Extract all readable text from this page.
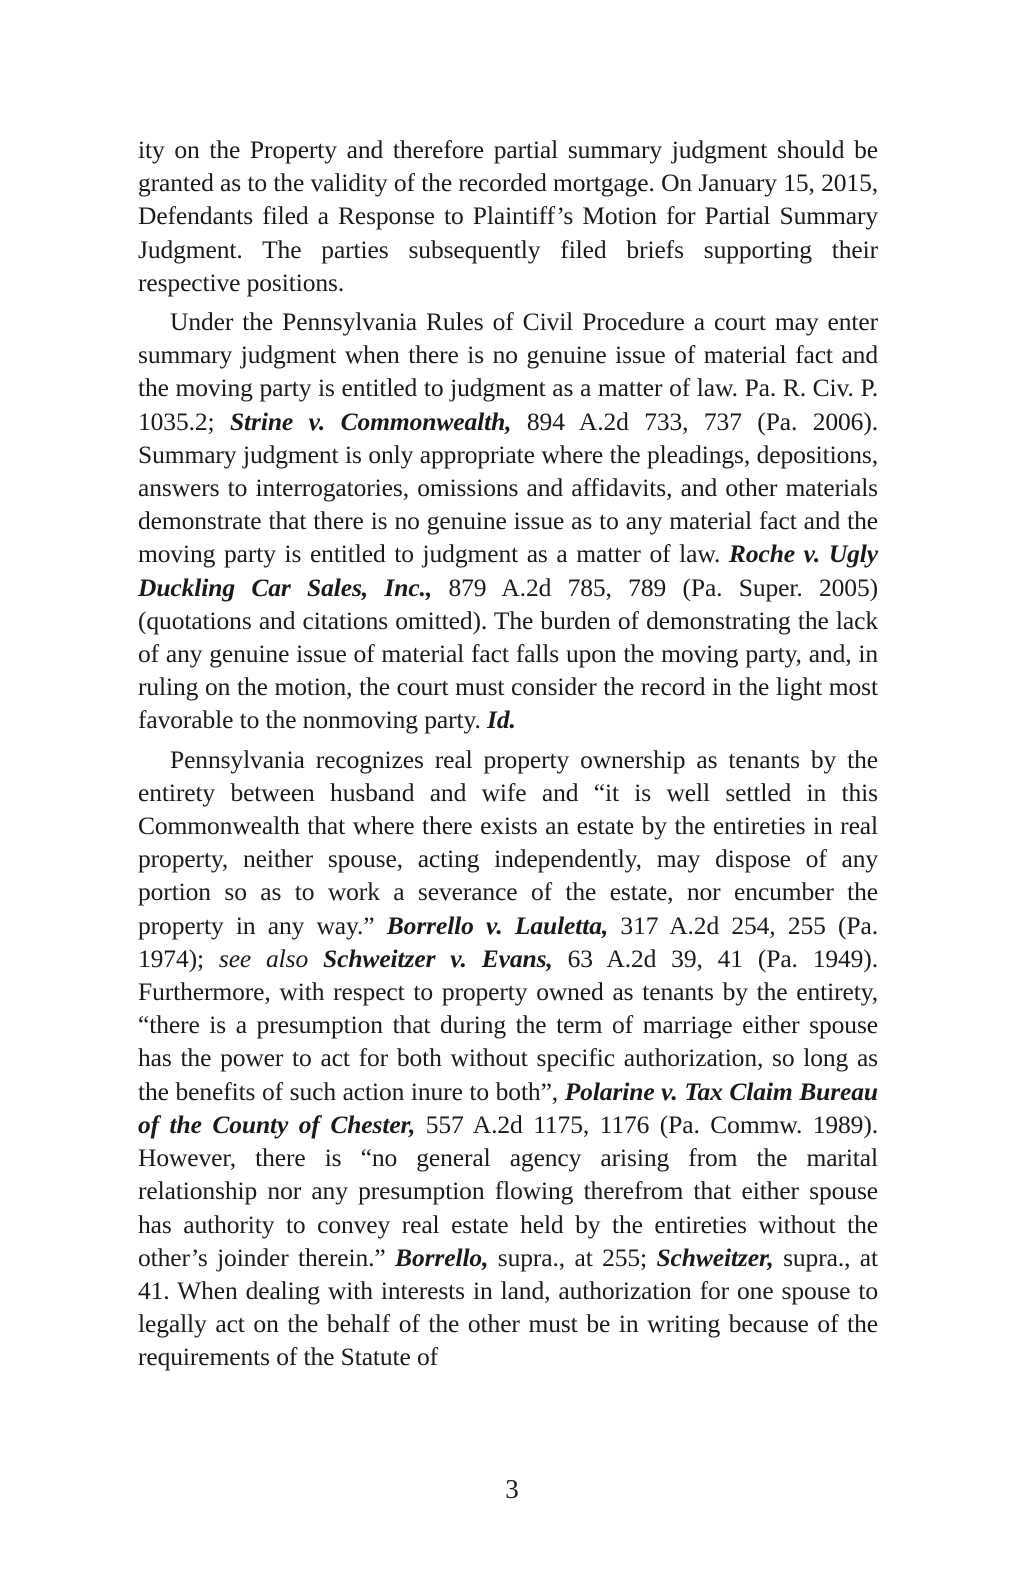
ity on the Property and therefore partial summary judgment should be granted as to the validity of the recorded mortgage. On January 15, 2015, Defendants filed a Response to Plaintiff’s Motion for Partial Summary Judgment. The parties subsequently filed briefs supporting their respective positions.

Under the Pennsylvania Rules of Civil Procedure a court may enter summary judgment when there is no genuine issue of material fact and the moving party is entitled to judgment as a matter of law. Pa. R. Civ. P. 1035.2; Strine v. Commonwealth, 894 A.2d 733, 737 (Pa. 2006). Summary judgment is only appropriate where the pleadings, depositions, answers to interrogatories, omissions and affidavits, and other materials demonstrate that there is no genuine issue as to any material fact and the moving party is entitled to judgment as a matter of law. Roche v. Ugly Duckling Car Sales, Inc., 879 A.2d 785, 789 (Pa. Super. 2005) (quotations and citations omitted). The burden of demonstrating the lack of any genuine issue of material fact falls upon the moving party, and, in ruling on the motion, the court must consider the record in the light most favorable to the nonmoving party. Id.

Pennsylvania recognizes real property ownership as tenants by the entirety between husband and wife and “it is well settled in this Commonwealth that where there exists an estate by the entireties in real property, neither spouse, acting independently, may dispose of any portion so as to work a severance of the estate, nor encumber the property in any way.” Borrello v. Lauletta, 317 A.2d 254, 255 (Pa. 1974); see also Schweitzer v. Evans, 63 A.2d 39, 41 (Pa. 1949). Furthermore, with respect to property owned as tenants by the entirety, “there is a presumption that during the term of marriage either spouse has the power to act for both without specific authorization, so long as the benefits of such action inure to both”, Polarine v. Tax Claim Bureau of the County of Chester, 557 A.2d 1175, 1176 (Pa. Commw. 1989). However, there is “no general agency arising from the marital relationship nor any presumption flowing therefrom that either spouse has authority to convey real estate held by the entireties without the other’s joinder therein.” Borrello, supra., at 255; Schweitzer, supra., at 41. When dealing with interests in land, authorization for one spouse to legally act on the behalf of the other must be in writing because of the requirements of the Statute of

3
